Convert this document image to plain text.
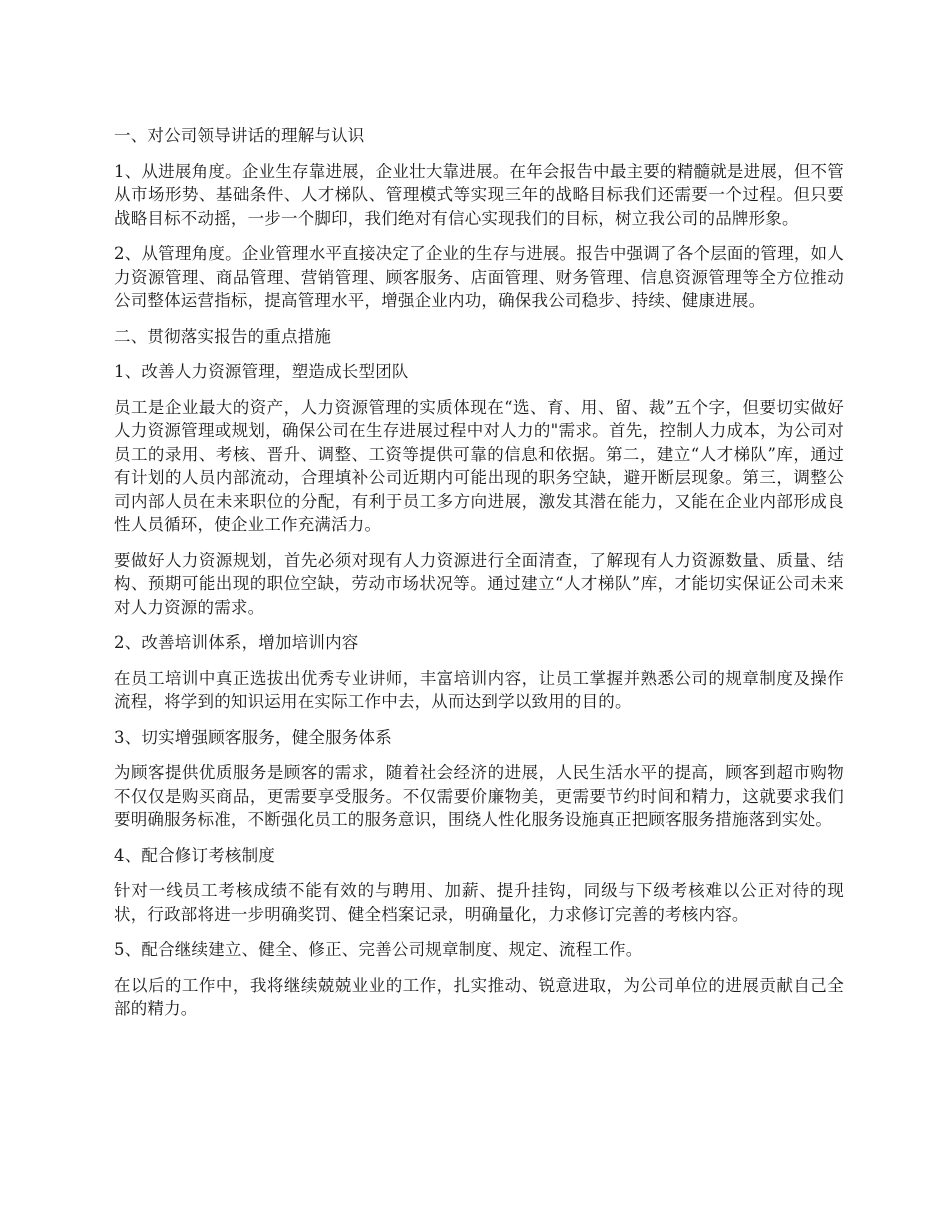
一、对公司领导讲话的理解与认识

1、从进展角度。企业生存靠进展，企业壮大靠进展。在年会报告中最主要的精髓就是进展，但不管从市场形势、基础条件、人才梯队、管理模式等实现三年的战略目标我们还需要一个过程。但只要战略目标不动摇，一步一个脚印，我们绝对有信心实现我们的目标，树立我公司的品牌形象。

2、从管理角度。企业管理水平直接决定了企业的生存与进展。报告中强调了各个层面的管理，如人力资源管理、商品管理、营销管理、顾客服务、店面管理、财务管理、信息资源管理等全方位推动公司整体运营指标，提高管理水平，增强企业内功，确保我公司稳步、持续、健康进展。

二、贯彻落实报告的重点措施

1、改善人力资源管理，塑造成长型团队

员工是企业最大的资产，人力资源管理的实质体现在“选、育、用、留、裁”五个字，但要切实做好人力资源管理或规划，确保公司在生存进展过程中对人力的"需求。首先，控制人力成本，为公司对员工的录用、考核、晋升、调整、工资等提供可靠的信息和依据。第二，建立“人才梯队”库，通过有计划的人员内部流动，合理填补公司近期内可能出现的职务空缺，避开断层现象。第三，调整公司内部人员在未来职位的分配，有利于员工多方向进展，激发其潜在能力，又能在企业内部形成良性人员循环，使企业工作充满活力。

要做好人力资源规划，首先必须对现有人力资源进行全面清查，了解现有人力资源数量、质量、结构、预期可能出现的职位空缺，劳动市场状况等。通过建立“人才梯队”库，才能切实保证公司未来对人力资源的需求。

2、改善培训体系，增加培训内容

在员工培训中真正选拔出优秀专业讲师，丰富培训内容，让员工掌握并熟悉公司的规章制度及操作流程，将学到的知识运用在实际工作中去，从而达到学以致用的目的。

3、切实增强顾客服务，健全服务体系

为顾客提供优质服务是顾客的需求，随着社会经济的进展，人民生活水平的提高，顾客到超市购物不仅仅是购买商品，更需要享受服务。不仅需要价廉物美，更需要节约时间和精力，这就要求我们要明确服务标准，不断强化员工的服务意识，围绕人性化服务设施真正把顾客服务措施落到实处。

4、配合修订考核制度

针对一线员工考核成绩不能有效的与聘用、加薪、提升挂钩，同级与下级考核难以公正对待的现状，行政部将进一步明确奖罚、健全档案记录，明确量化，力求修订完善的考核内容。

5、配合继续建立、健全、修正、完善公司规章制度、规定、流程工作。

在以后的工作中，我将继续兢兢业业的工作，扎实推动、锐意进取，为公司单位的进展贡献自己全部的精力。
